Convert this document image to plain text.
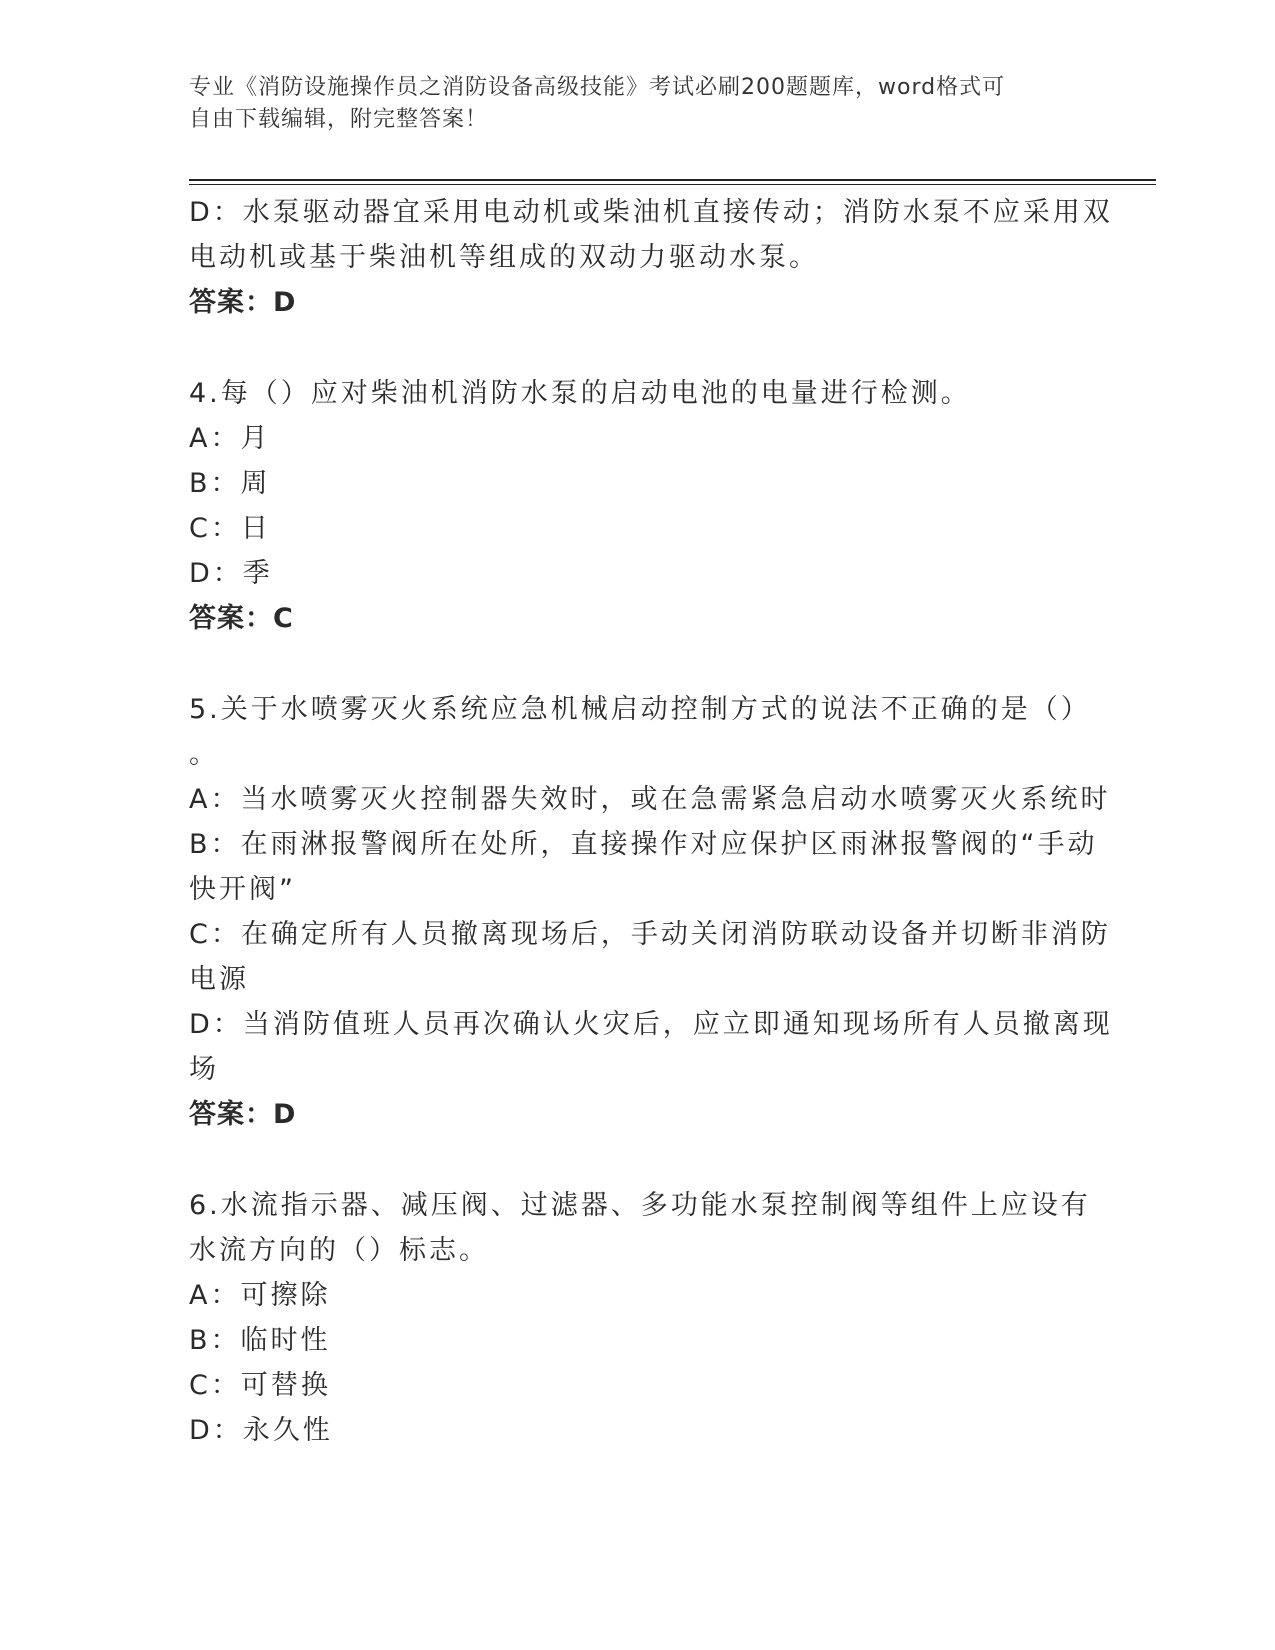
专业《消防设施操作员之消防设备高级技能》考试必刷200题题库，word格式可
自由下载编辑，附完整答案！
D：水泵驱动器宜采用电动机或柴油机直接传动；消防水泵不应采用双
电动机或基于柴油机等组成的双动力驱动水泵。
答案：D
4.每（）应对柴油机消防水泵的启动电池的电量进行检测。
A：月
B：周
C：日
D：季
答案：C
5.关于水喷雾灭火系统应急机械启动控制方式的说法不正确的是（）
。
A：当水喷雾灭火控制器失效时，或在急需紧急启动水喷雾灭火系统时
B：在雨淋报警阀所在处所，直接操作对应保护区雨淋报警阀的“手动
快开阀”
C：在确定所有人员撤离现场后，手动关闭消防联动设备并切断非消防
电源
D：当消防值班人员再次确认火灾后，应立即通知现场所有人员撤离现
场
答案：D
6.水流指示器、减压阀、过滤器、多功能水泵控制阀等组件上应设有
水流方向的（）标志。
A：可擦除
B：临时性
C：可替换
D：永久性
